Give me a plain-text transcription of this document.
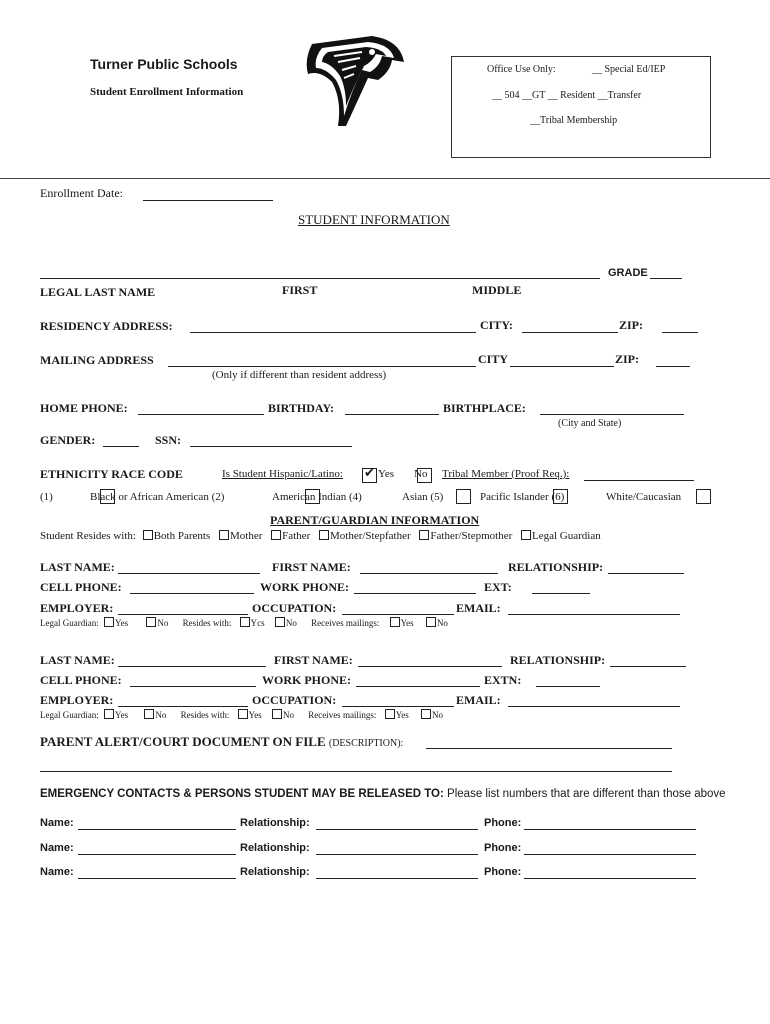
Turner Public Schools
Student Enrollment Information
Office Use Only:	__ Special Ed/IEP
__ 504 __GT __ Resident __Transfer
__Tribal Membership
Enrollment Date:
STUDENT INFORMATION
GRADE
LEGAL LAST NAME	FIRST	MIDDLE
RESIDENCY ADDRESS:	CITY:	ZIP:
MAILING ADDRESS	CITY	ZIP:
(Only if different than resident address)
HOME PHONE:	BIRTHDAY:	BIRTHPLACE:
(City and State)
GENDER:	SSN:
ETHNICITY RACE CODE	Is Student Hispanic/Latino:
✔	Yes
No Tribal Member (Proof Req.):
(1)
	Black or African American (2)
	American Indian (4)
	Asian (5)
	Pacific Islander (6)	White/Caucasian
PARENT/GUARDIAN INFORMATION
Student Resides with: Both Parents Mother Father Mother/Stepfather Father/Stepmother Legal Guardian
LAST NAME:	FIRST NAME:	RELATIONSHIP:
CELL PHONE:	WORK PHONE:	EXT:
EMPLOYER:	OCCUPATION:	EMAIL:
Legal Guardian: Yes	No Resides with: Ycs No Receives mailings: Yes	No
LAST NAME:	FIRST NAME:	RELATIONSHIP:
CELL PHONE:	WORK PHONE:	EXTN:
EMPLOYER:	OCCUPATION:	EMAIL:
Legal Guardian: Yes	No Resides with: Yes No Receives mailings: Yes	No
PARENT ALERT/COURT DOCUMENT ON FILE (DESCRIPTION):
EMERGENCY CONTACTS & PERSONS STUDENT MAY BE RELEASED TO: Please list numbers that are different than those above
Name:	Relationship:	Phone:
Name:	Relationship:	Phone:
Name:	Relationship:	Phone:
